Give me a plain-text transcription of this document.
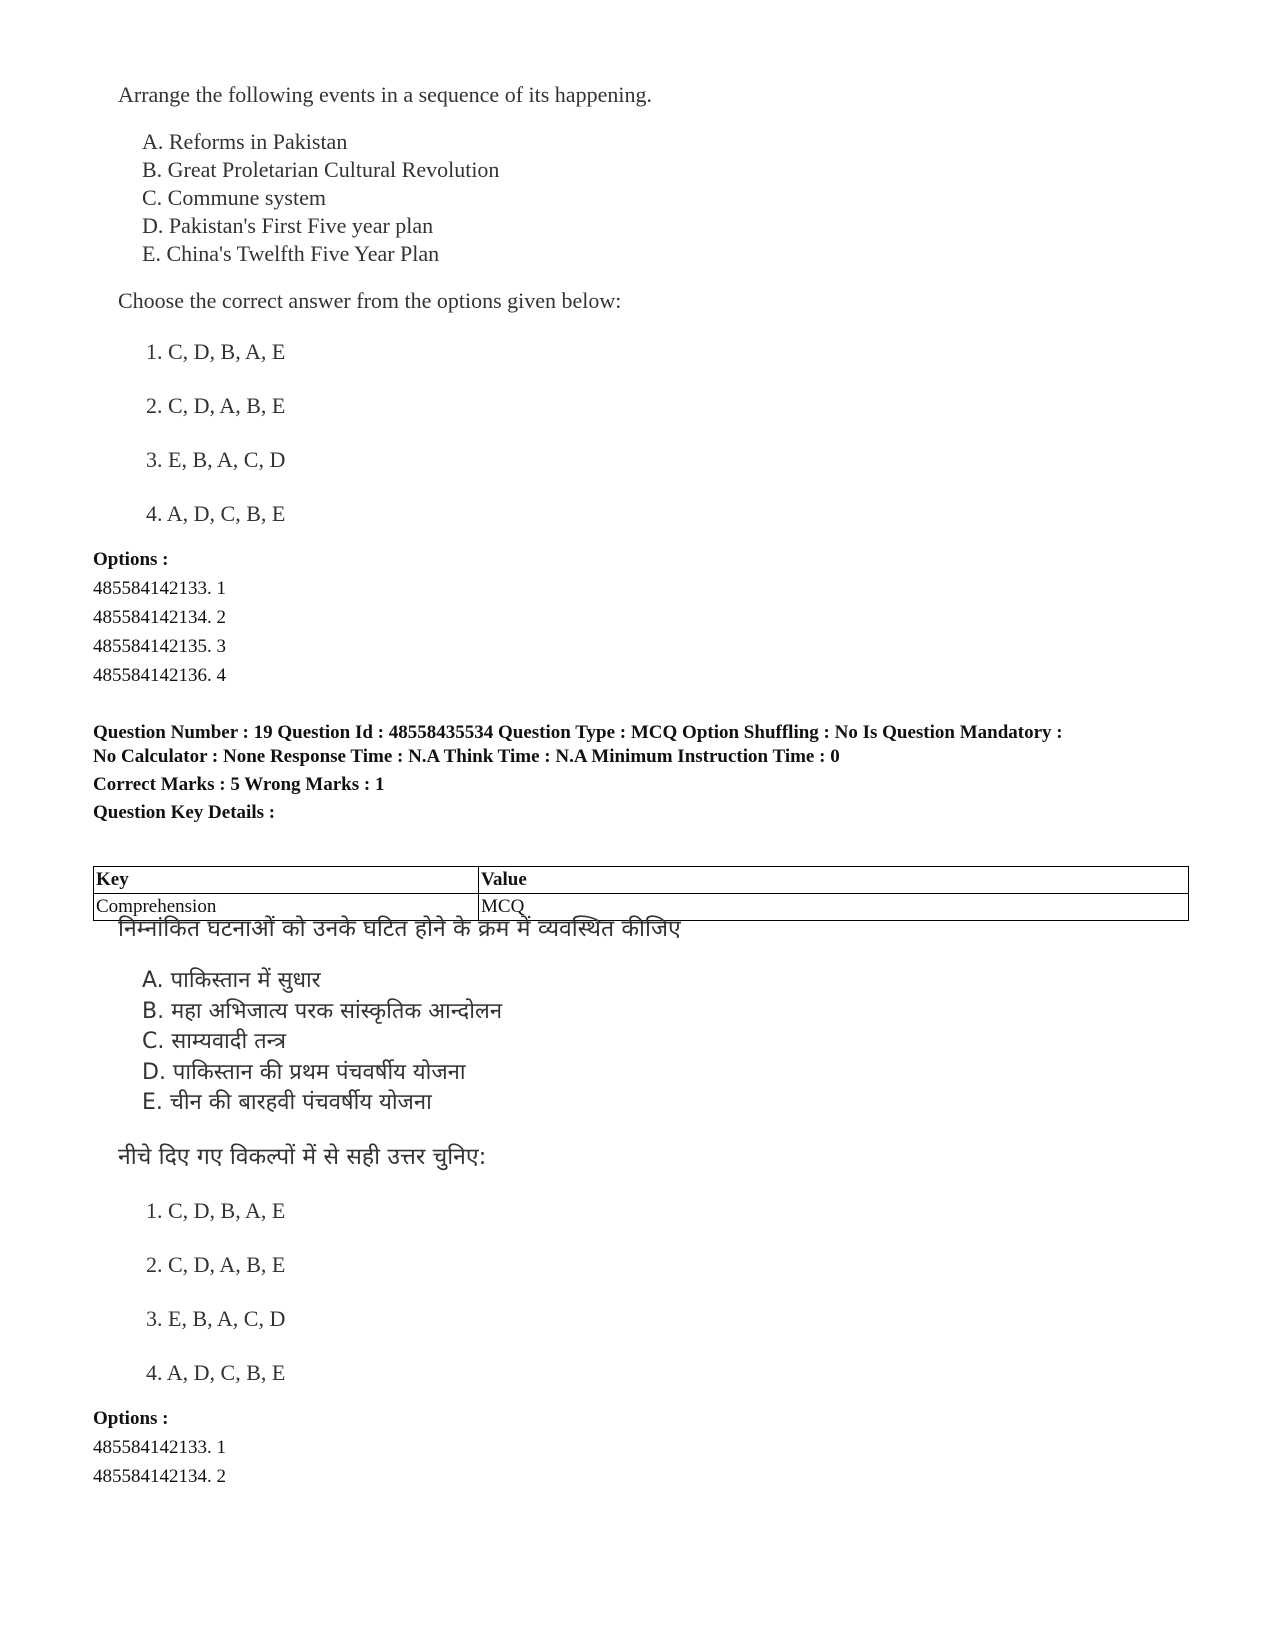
Arrange the following events in a sequence of its happening.

A. Reforms in Pakistan
B. Great Proletarian Cultural Revolution
C. Commune system
D. Pakistan's First Five year plan
E. China's Twelfth Five Year Plan

Choose the correct answer from the options given below:

1. C, D, B, A, E
2. C, D, A, B, E
3. E, B, A, C, D
4. A, D, C, B, E
Options :
485584142133. 1
485584142134. 2
485584142135. 3
485584142136. 4
Question Number : 19 Question Id : 48558435534 Question Type : MCQ Option Shuffling : No Is Question Mandatory :
No Calculator : None Response Time : N.A Think Time : N.A Minimum Instruction Time : 0
Correct Marks : 5 Wrong Marks : 1
Question Key Details :
Key	Value
Comprehension	MCQ

निम्नांकित घटनाओं को उनके घटित होने के क्रम में व्यवस्थित कीजिए

A. पाकिस्तान में सुधार
B. महा अभिजात्य परक सांस्कृतिक आन्दोलन
C. साम्यवादी तन्त्र
D. पाकिस्तान की प्रथम पंचवर्षीय योजना
E. चीन की बारहवी पंचवर्षीय योजना

नीचे दिए गए विकल्पों में से सही उत्तर चुनिए:

1. C, D, B, A, E
2. C, D, A, B, E
3. E, B, A, C, D
4. A, D, C, B, E
Options :
485584142133. 1
485584142134. 2
